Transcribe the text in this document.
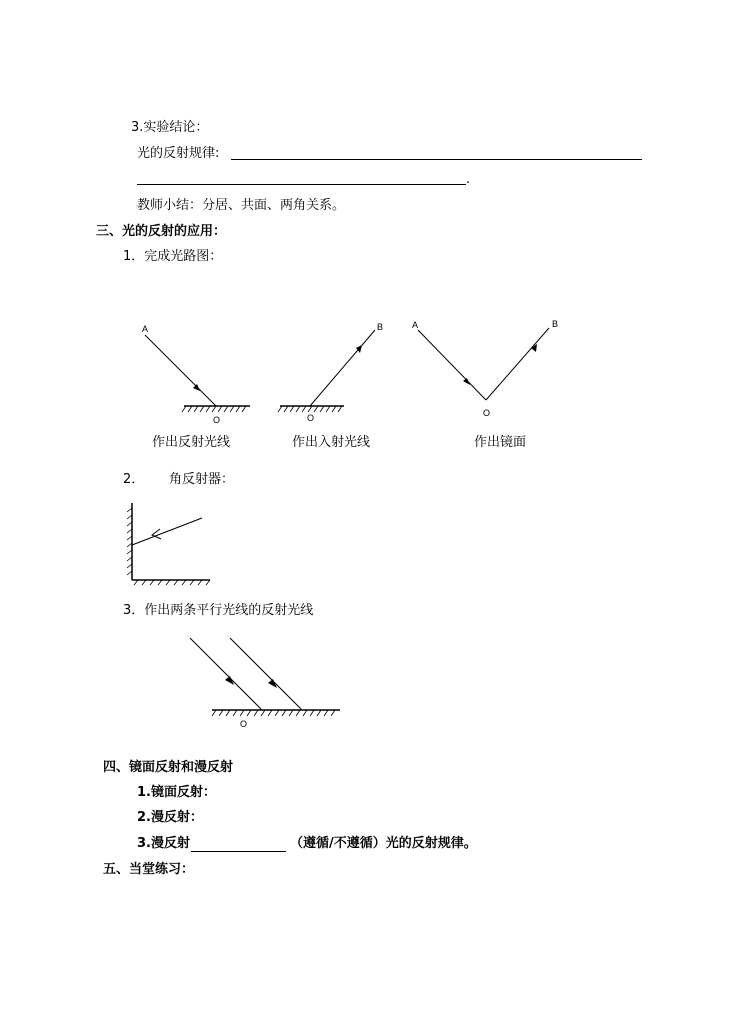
3.实验结论：
光的反射规律:
.
教师小结：分居、共面、两角关系。
三、光的反射的应用：
1．完成光路图：
A
O
作出反射光线
B
O
作出入射光线
A	B
O
作出镜面
2． 角反射器：
3．作出两条平行光线的反射光线
O
四、镜面反射和漫反射
1.镜面反射：
2.漫反射：
3.漫反射	（遵循/不遵循）光的反射规律。
五、当堂练习：
